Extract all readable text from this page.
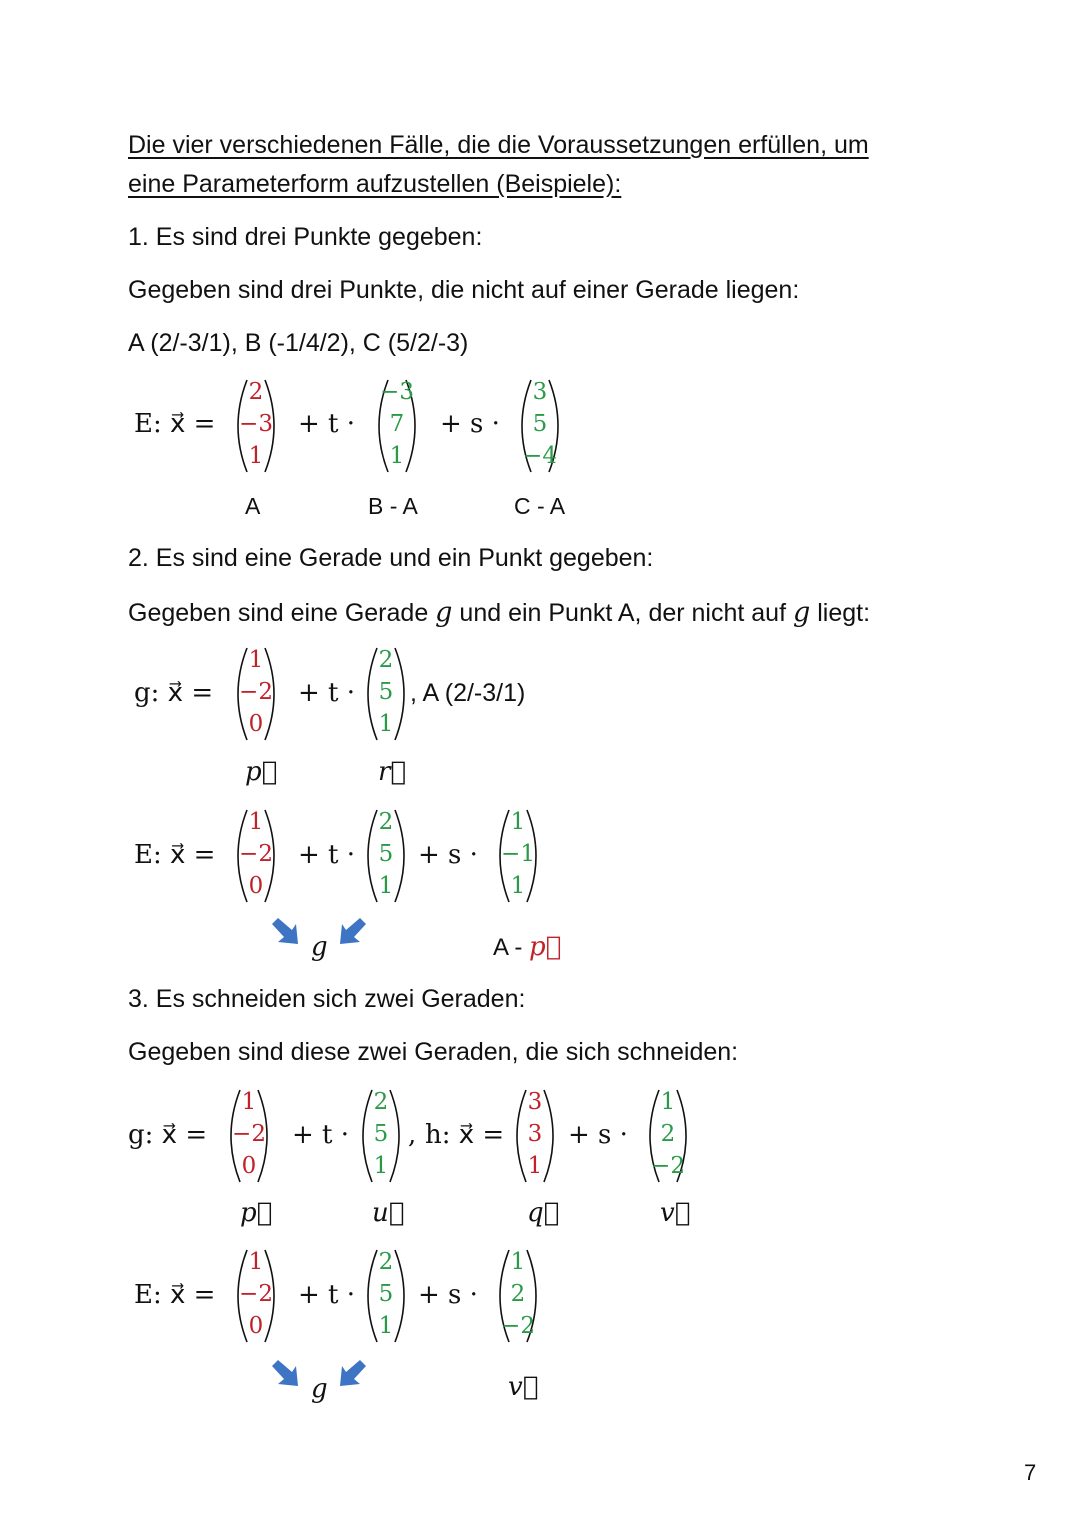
Die vier verschiedenen Fälle, die die Voraussetzungen erfüllen, um
eine Parameterform aufzustellen (Beispiele):
1. Es sind drei Punkte gegeben:
Gegeben sind drei Punkte, die nicht auf einer Gerade liegen:
A (2/-3/1), B (-1/4/2), C (5/2/-3)
E: x⃗ =
2
−3
1
+ t ·
−3
7
1
+ s ·
3
5
−4
A	B - A	C - A
2. Es sind eine Gerade und ein Punkt gegeben:
Gegeben sind eine Gerade g und ein Punkt A, der nicht auf g liegt:
g: x⃗ =
1
−2
0
+ t ·
2
5
1
, A (2/-3/1)
p⃗	r⃗
E: x⃗ =
1
−2
0
+ t ·
2
5
1
+ s ·
1
−1
1
g	A - p⃗
3. Es schneiden sich zwei Geraden:
Gegeben sind diese zwei Geraden, die sich schneiden:
g: x⃗ =
1
−2
0
+ t ·
2
5
1
, h: x⃗ =
3
3
1
+ s ·
1
2
−2
p⃗	u⃗	q⃗	v⃗
E: x⃗ =
1
−2
0
+ t ·
2
5
1
+ s ·
1
2
−2
g	v⃗
7
